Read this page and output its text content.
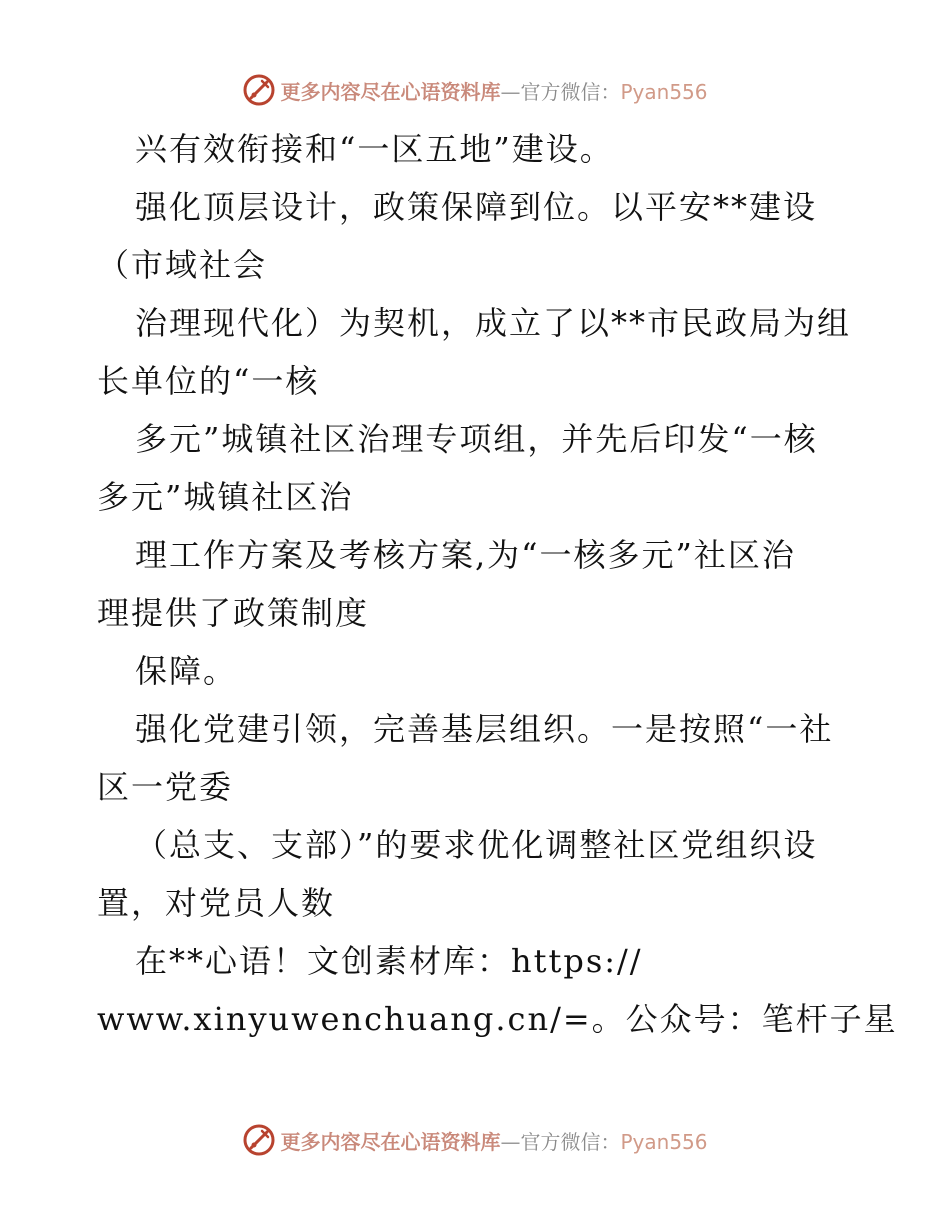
更多内容尽在心语资料库—官方微信：Pyan556
兴有效衔接和“一区五地”建设。
强化顶层设计，政策保障到位。以平安**建设
（市域社会
治理现代化）为契机，成立了以**市民政局为组
长单位的“一核
多元”城镇社区治理专项组，并先后印发“一核
多元”城镇社区治
理工作方案及考核方案,为“一核多元”社区治
理提供了政策制度
保障。
强化党建引领，完善基层组织。一是按照“一社
区一党委
（总支、支部）”的要求优化调整社区党组织设
置，对党员人数
在**心语！文创素材库：https://
www.xinyuwenchuang.cn/=。公众号：笔杆子星
更多内容尽在心语资料库—官方微信：Pyan556
